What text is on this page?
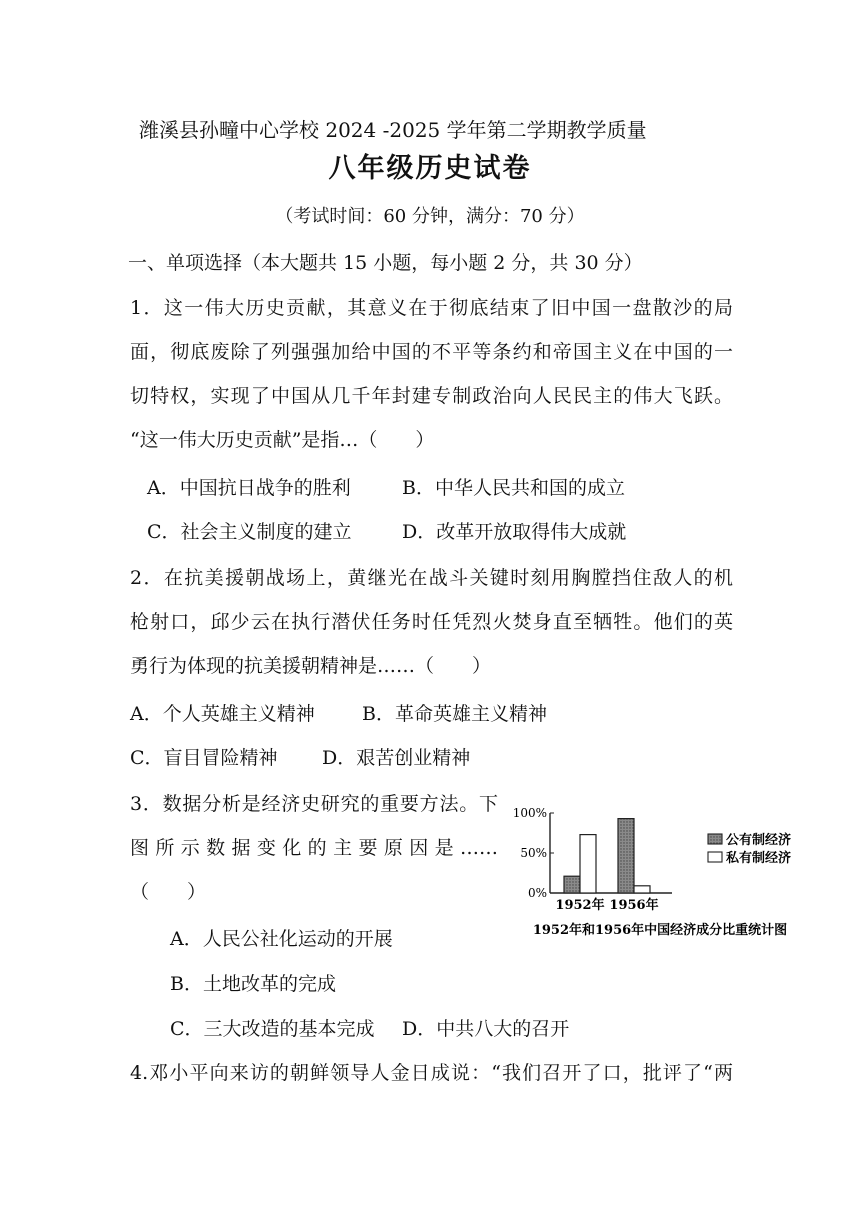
潍溪县孙疃中心学校 2024 -2025 学年第二学期教学质量
八年级历史试卷
（考试时间：60 分钟，满分：70 分）
一、单项选择（本大题共 15 小题，每小题 2 分，共 30 分）
1．这一伟大历史贡献，其意义在于彻底结束了旧中国一盘散沙的局
面，彻底废除了列强强加给中国的不平等条约和帝国主义在中国的一
切特权，实现了中国从几千年封建专制政治向人民民主的伟大飞跃。
“这一伟大历史贡献”是指…（　　）
A．中国抗日战争的胜利	B．中华人民共和国的成立
C．社会主义制度的建立	D．改革开放取得伟大成就
2．在抗美援朝战场上，黄继光在战斗关键时刻用胸膛挡住敌人的机
枪射口，邱少云在执行潜伏任务时任凭烈火焚身直至牺牲。他们的英
勇行为体现的抗美援朝精神是……（　　）
A．个人英雄主义精神 B．革命英雄主义精神
C．盲目冒险精神 D．艰苦创业精神
3．数据分析是经济史研究的重要方法。下
图所示数据变化的主要原因是……
（　　）
A．人民公社化运动的开展
B．土地改革的完成
C．三大改造的基本完成 D．中共八大的召开
4.邓小平向来访的朝鲜领导人金日成说：“我们召开了口，批评了“两
100%
50%
0%
1952年 1956年
公有制经济
私有制经济
1952年和1956年中国经济成分比重统计图
